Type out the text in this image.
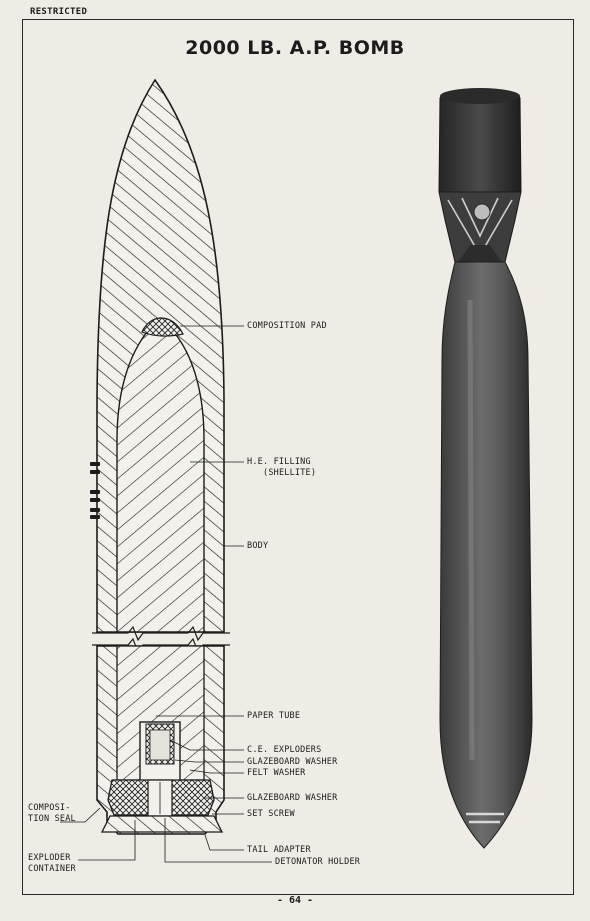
RESTRICTED
2000 LB. A.P. BOMB
COMPOSITION PAD
H.E. FILLING
(SHELLITE)
BODY
PAPER TUBE
C.E. EXPLODERS
GLAZEBOARD WASHER
FELT WASHER
GLAZEBOARD WASHER
COMPOSI-
TION SEAL	SET SCREW
TAIL ADAPTER
EXPLODER
CONTAINER
DETONATOR HOLDER
- 64 -
